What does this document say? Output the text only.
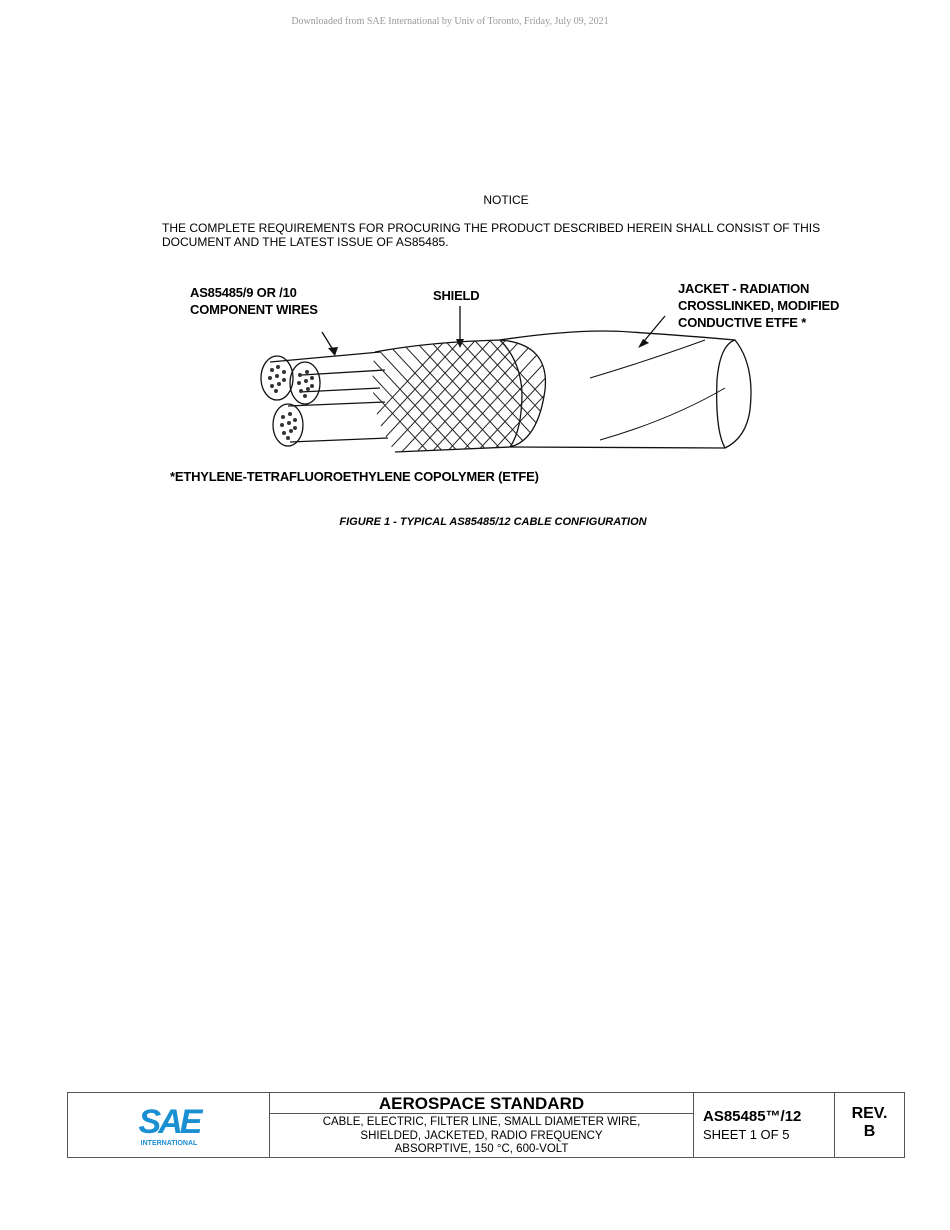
Downloaded from SAE International by Univ of Toronto, Friday, July 09, 2021
NOTICE
THE COMPLETE REQUIREMENTS FOR PROCURING THE PRODUCT DESCRIBED HEREIN SHALL CONSIST OF THIS DOCUMENT AND THE LATEST ISSUE OF AS85485.
AS85485/9 OR /10
COMPONENT WIRES
SHIELD	JACKET - RADIATION
CROSSLINKED, MODIFIED
CONDUCTIVE ETFE *
*ETHYLENE-TETRAFLUOROETHYLENE COPOLYMER (ETFE)
FIGURE 1 - TYPICAL AS85485/12 CABLE CONFIGURATION
SAE
INTERNATIONAL
AEROSPACE STANDARD
CABLE, ELECTRIC, FILTER LINE, SMALL DIAMETER WIRE,
SHIELDED, JACKETED, RADIO FREQUENCY
ABSORPTIVE, 150 °C, 600-VOLT
AS85485™/12
SHEET 1 OF 5
REV.
B
